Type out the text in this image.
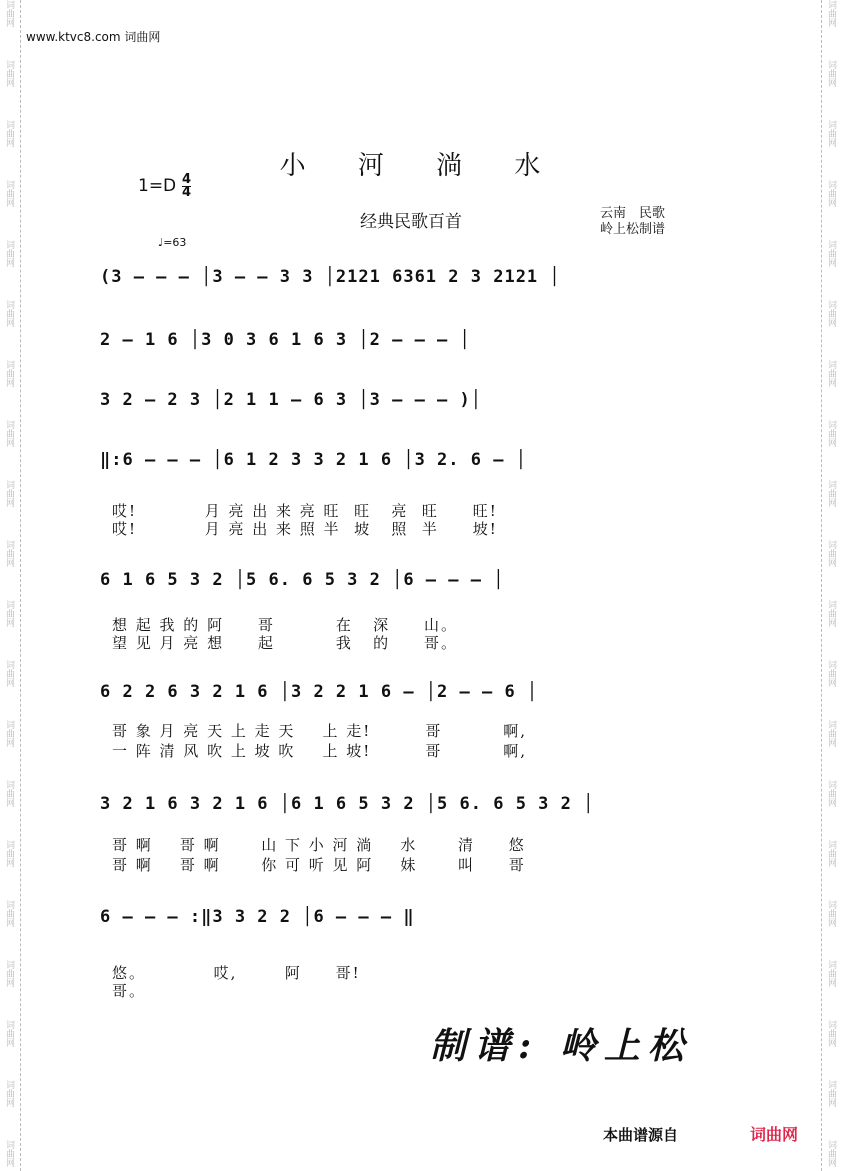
词曲网
词曲网
词曲网
词曲网
词曲网
词曲网
词曲网
词曲网
词曲网
词曲网
词曲网
词曲网
词曲网
词曲网
词曲网
词曲网
词曲网
词曲网
词曲网
词曲网
词曲网
词曲网
词曲网
词曲网
词曲网
词曲网
词曲网
词曲网
词曲网
词曲网
词曲网
词曲网
词曲网
词曲网
词曲网
词曲网
词曲网
词曲网
词曲网
词曲网
www.ktvc8.com 词曲网
小 河 淌 水
1=D 4
4
经典民歌百首	云南　民歌
岭上松制谱
♩=63
(3 – – – │3 – – 3 3 │2121 6361 2 3 2121 │
2 – 1 6 │3 0 3 6 1 6 3 │2 – – – │
3 2 – 2 3 │2 1 1 – 6 3 │3 – – – )│
‖:6 – – – │6 1 2 3 3 2 1 6 │3 2. 6 – │
哎!          月 亮 出 来 亮 旺  旺   亮  旺     旺!
哎!          月 亮 出 来 照 半  坡   照  半     坡!
6 1 6 5 3 2 │5 6. 6 5 3 2 │6 – – – │
想 起 我 的 阿     哥         在   深     山。
望 见 月 亮 想     起         我   的     哥。
6 2 2 6 3 2 1 6 │3 2 2 1 6 – │2 – – 6 │
哥 象 月 亮 天 上 走 天    上 走!        哥         啊,
一 阵 清 风 吹 上 坡 吹    上 坡!        哥         啊,
3 2 1 6 3 2 1 6 │6 1 6 5 3 2 │5 6. 6 5 3 2 │
哥 啊    哥 啊      山 下 小 河 淌    水      清     悠
哥 啊    哥 啊      你 可 听 见 阿    妹      叫     哥
6 – – – :‖3 3 2 2 │6 – – – ‖
悠。          哎,       阿     哥!
哥。
制谱: 岭上松
本曲谱源自	词曲网
